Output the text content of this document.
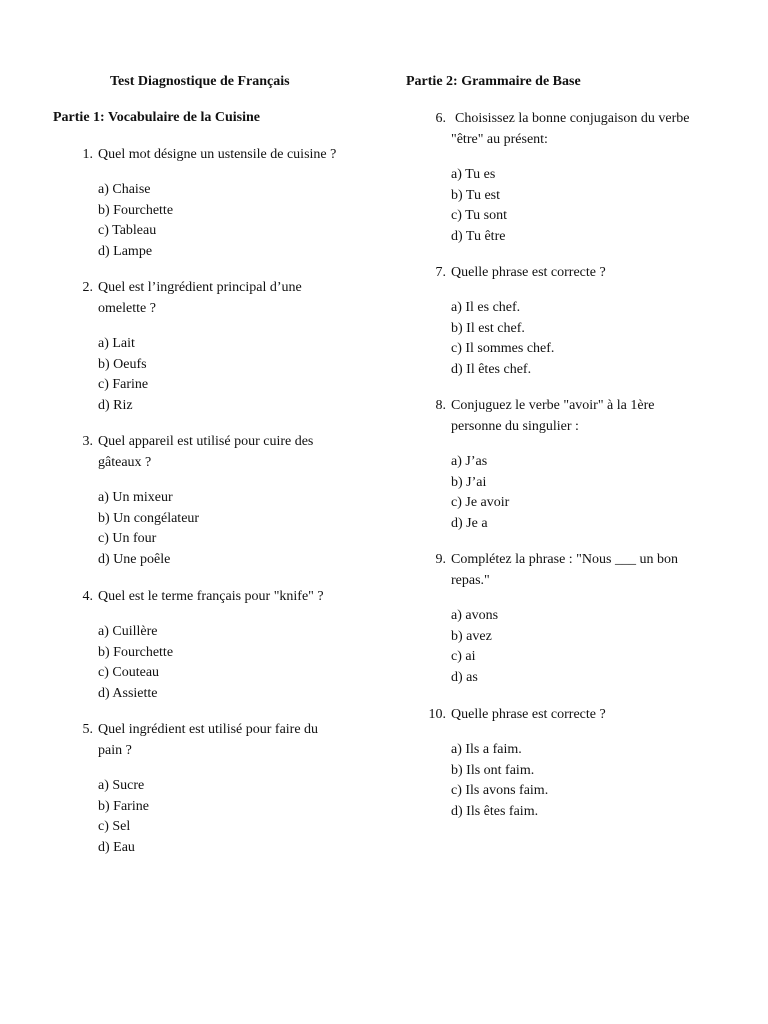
Test Diagnostique de Français
Partie 1: Vocabulaire de la Cuisine
1. Quel mot désigne un ustensile de cuisine ?
a) Chaise
b) Fourchette
c) Tableau
d) Lampe
2. Quel est l’ingrédient principal d’une omelette ?
a) Lait
b) Oeufs
c) Farine
d) Riz
3. Quel appareil est utilisé pour cuire des gâteaux ?
a) Un mixeur
b) Un congélateur
c) Un four
d) Une poêle
4. Quel est le terme français pour "knife" ?
a) Cuillère
b) Fourchette
c) Couteau
d) Assiette
5. Quel ingrédient est utilisé pour faire du pain ?
a) Sucre
b) Farine
c) Sel
d) Eau
Partie 2: Grammaire de Base
6. Choisissez la bonne conjugaison du verbe "être" au présent:
a) Tu es
b) Tu est
c) Tu sont
d) Tu être
7. Quelle phrase est correcte ?
a) Il es chef.
b) Il est chef.
c) Il sommes chef.
d) Il êtes chef.
8. Conjuguez le verbe "avoir" à la 1ère personne du singulier :
a) J’as
b) J’ai
c) Je avoir
d) Je a
9. Complétez la phrase : "Nous ___ un bon repas."
a) avons
b) avez
c) ai
d) as
10. Quelle phrase est correcte ?
a) Ils a faim.
b) Ils ont faim.
c) Ils avons faim.
d) Ils êtes faim.
